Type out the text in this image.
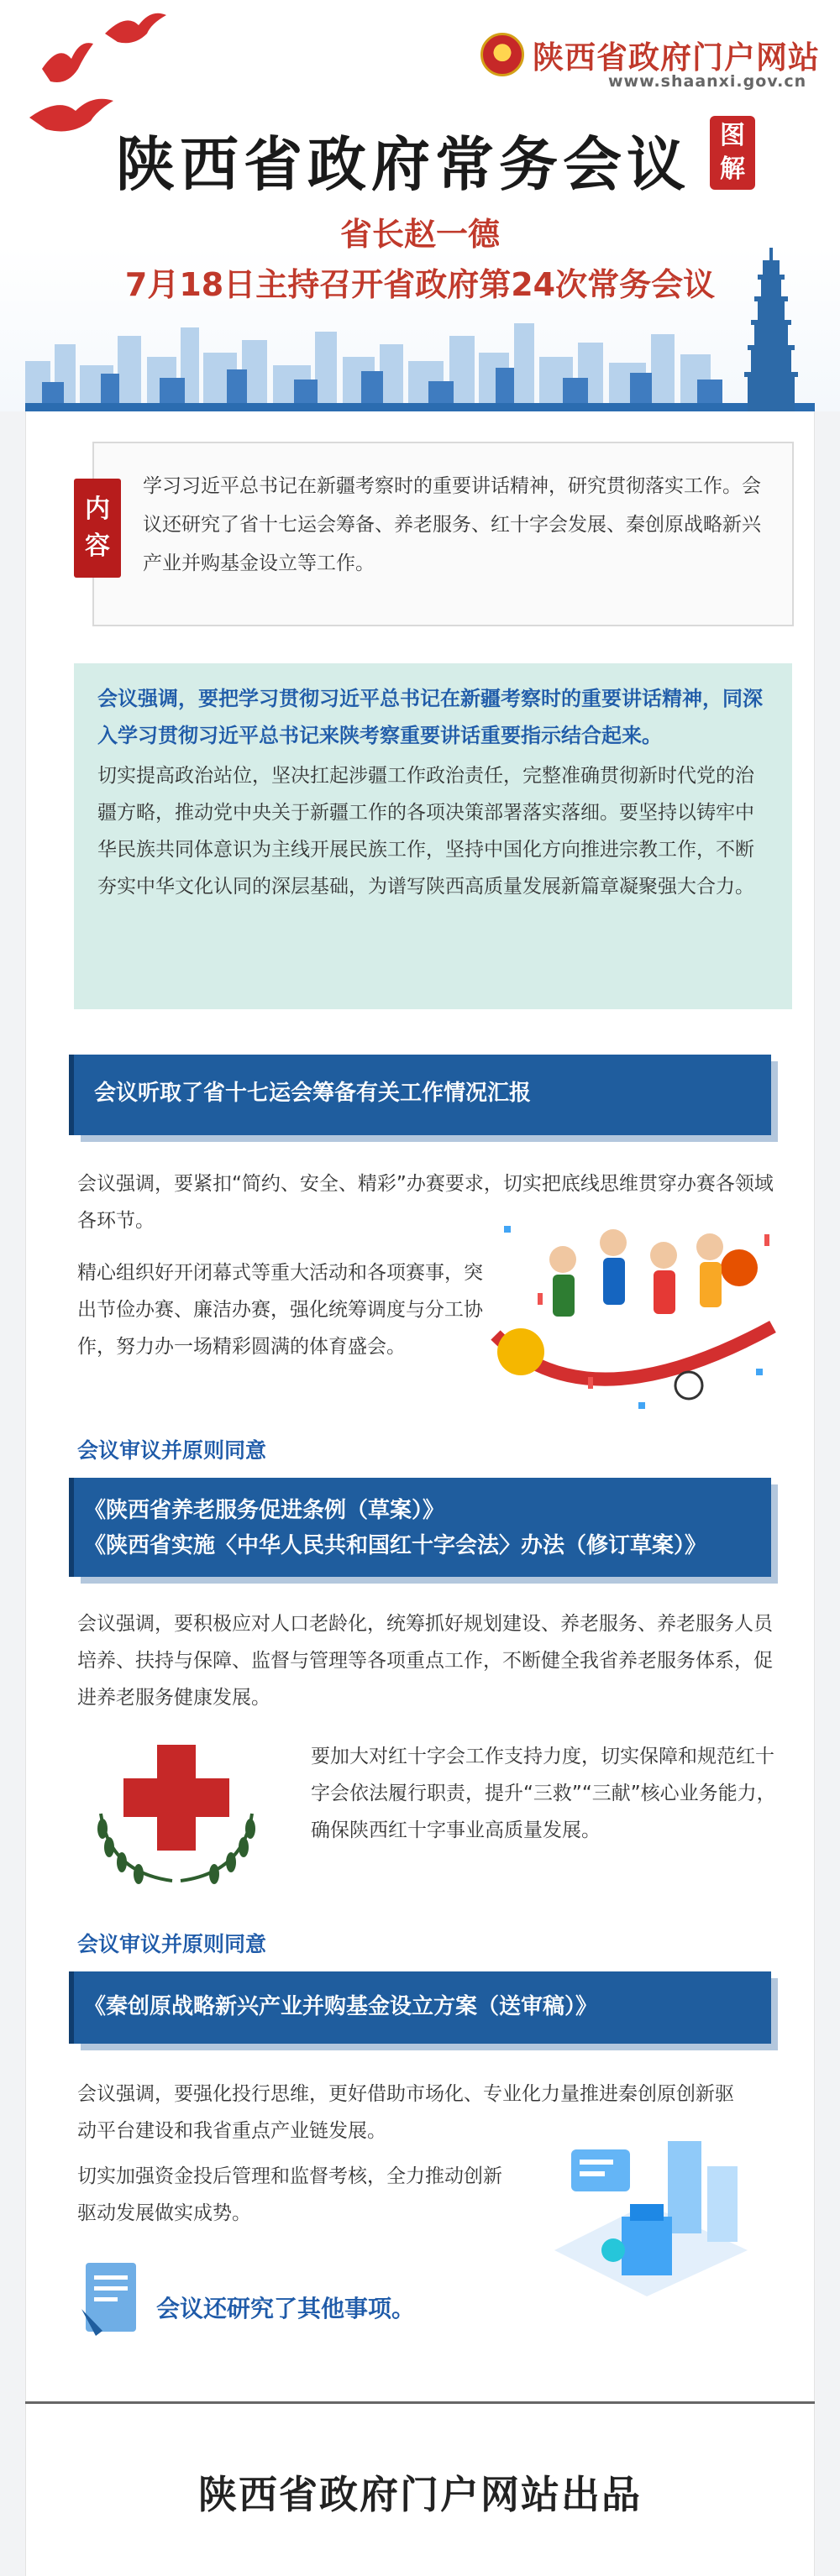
陕西省政府门户网站
www.shaanxi.gov.cn
陕西省政府常务会议 图
解
省长赵一德
7月18日主持召开省政府第24次常务会议
内
容
学习习近平总书记在新疆考察时的重要讲话精神，研究贯彻落实工作。会议还研究了省十七运会筹备、养老服务、红十字会发展、秦创原战略新兴产业并购基金设立等工作。
会议强调，要把学习贯彻习近平总书记在新疆考察时的重要讲话精神，同深入学习贯彻习近平总书记来陕考察重要讲话重要指示结合起来。
切实提高政治站位，坚决扛起涉疆工作政治责任，完整准确贯彻新时代党的治疆方略，推动党中央关于新疆工作的各项决策部署落实落细。要坚持以铸牢中华民族共同体意识为主线开展民族工作，坚持中国化方向推进宗教工作，不断夯实中华文化认同的深层基础，为谱写陕西高质量发展新篇章凝聚强大合力。
会议听取了省十七运会筹备有关工作情况汇报
会议强调，要紧扣“简约、安全、精彩”办赛要求，切实把底线思维贯穿办赛各领域各环节。
精心组织好开闭幕式等重大活动和各项赛事，突出节俭办赛、廉洁办赛，强化统筹调度与分工协作，努力办一场精彩圆满的体育盛会。
会议审议并原则同意
《陕西省养老服务促进条例（草案）》
《陕西省实施〈中华人民共和国红十字会法〉办法（修订草案）》
会议强调，要积极应对人口老龄化，统筹抓好规划建设、养老服务、养老服务人员培养、扶持与保障、监督与管理等各项重点工作，不断健全我省养老服务体系，促进养老服务健康发展。
要加大对红十字会工作支持力度，切实保障和规范红十字会依法履行职责，提升“三救”“三献”核心业务能力，确保陕西红十字事业高质量发展。
会议审议并原则同意
《秦创原战略新兴产业并购基金设立方案（送审稿）》
会议强调，要强化投行思维，更好借助市场化、专业化力量推进秦创原创新驱动平台建设和我省重点产业链发展。
切实加强资金投后管理和监督考核，全力推动创新驱动发展做实成势。
会议还研究了其他事项。
陕西省政府门户网站出品
